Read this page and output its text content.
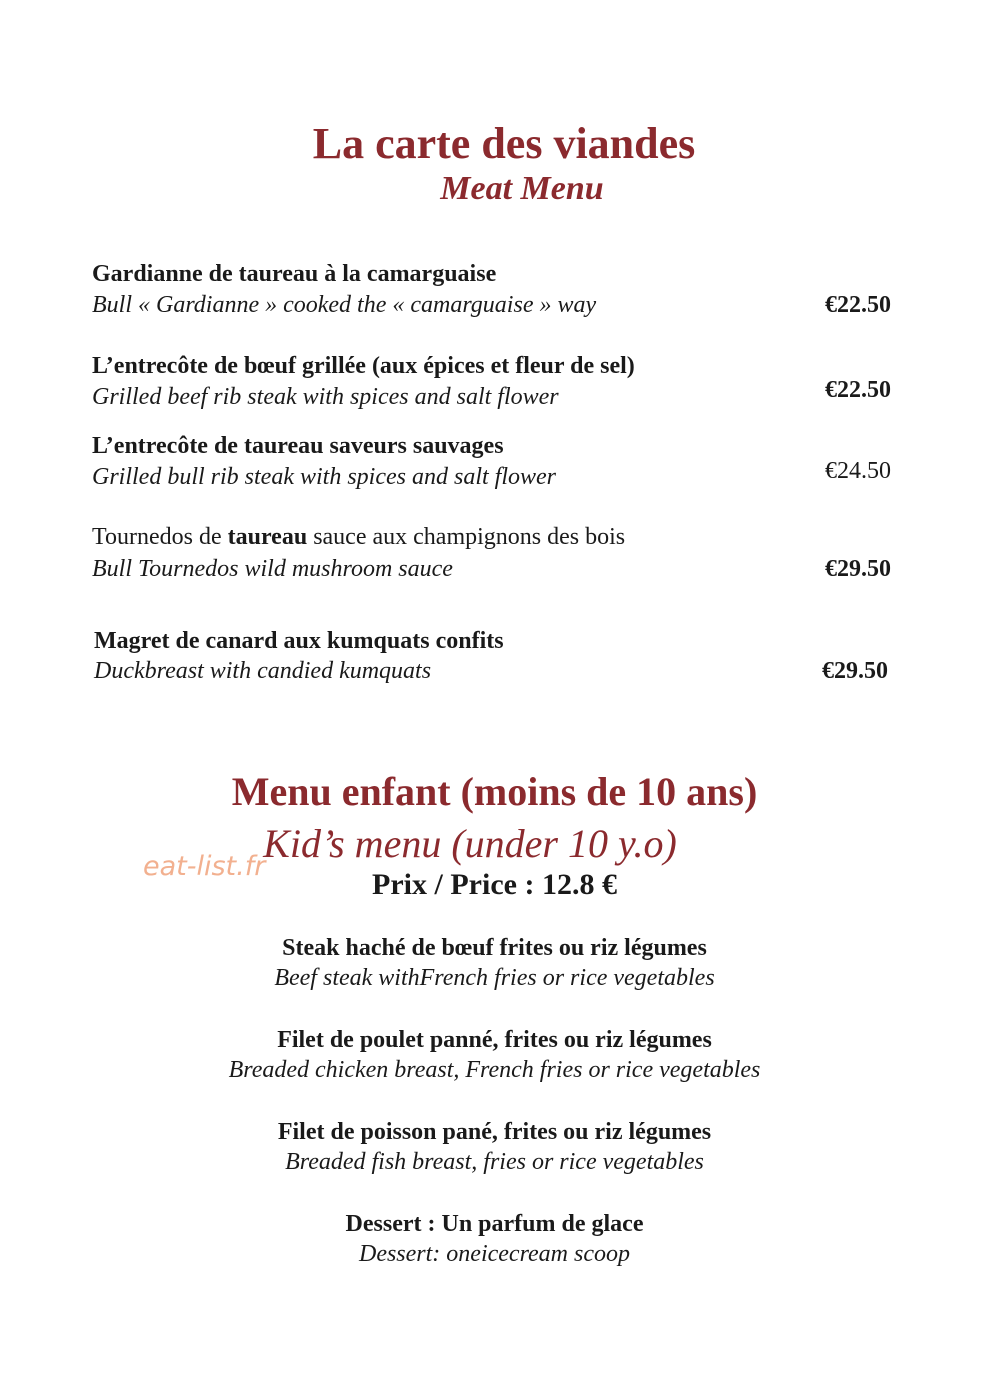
La carte des viandes
Meat Menu
Gardianne de taureau à la camarguaise
Bull « Gardianne » cooked the « camarguaise » way	€22.50
L’entrecôte de bœuf grillée (aux épices et fleur de sel)
Grilled beef rib steak with spices and salt flower	€22.50
L’entrecôte de taureau saveurs sauvages
Grilled bull rib steak with spices and salt flower	€24.50
Tournedos de taureau sauce aux champignons des bois
Bull Tournedos wild mushroom sauce	€29.50
Magret de canard aux kumquats confits
Duckbreast with candied kumquats	€29.50
Menu enfant (moins de 10 ans)
Kid’s menu (under 10 y.o)
eat-list.fr
Prix / Price : 12.8 €
Steak haché de bœuf frites ou riz légumes
Beef steak withFrench fries or rice vegetables
Filet de poulet panné, frites ou riz légumes
Breaded chicken breast, French fries or rice vegetables
Filet de poisson pané, frites ou riz légumes
Breaded fish breast, fries or rice vegetables
Dessert : Un parfum de glace
Dessert: oneicecream scoop
